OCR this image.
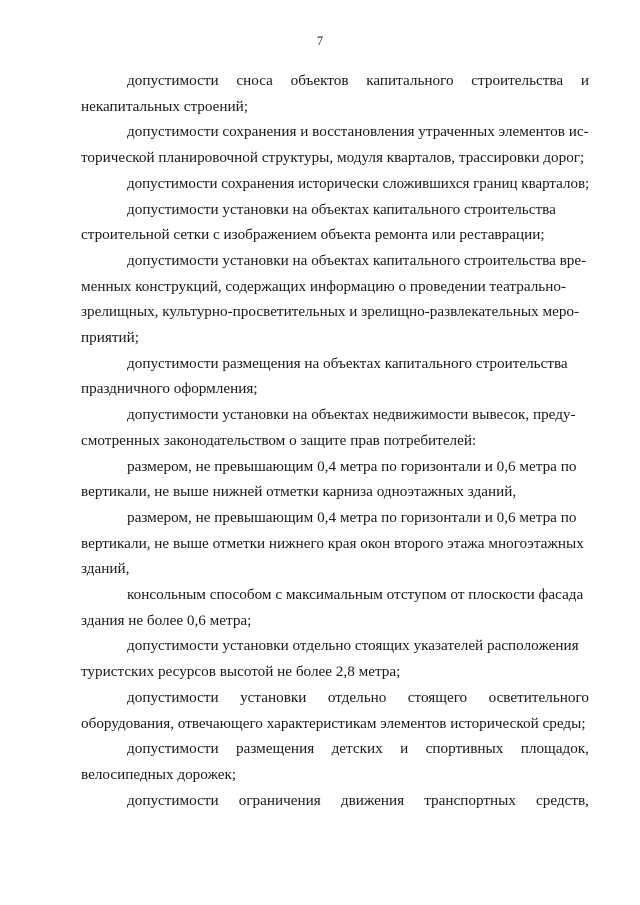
7
допустимости сноса объектов капитального строительства и
некапитальных строений;
допустимости сохранения и восстановления утраченных элементов ис-
торической планировочной структуры, модуля кварталов, трассировки дорог;
допустимости сохранения исторически сложившихся границ кварталов;
допустимости установки на объектах капитального строительства
строительной сетки с изображением объекта ремонта или реставрации;
допустимости установки на объектах капитального строительства вре-
менных конструкций, содержащих информацию о проведении театрально-
зрелищных, культурно-просветительных и зрелищно-развлекательных меро-
приятий;
допустимости размещения на объектах капитального строительства
праздничного оформления;
допустимости установки на объектах недвижимости вывесок, преду-
смотренных законодательством о защите прав потребителей:
размером, не превышающим 0,4 метра по горизонтали и 0,6 метра по
вертикали, не выше нижней отметки карниза одноэтажных зданий,
размером, не превышающим 0,4 метра по горизонтали и 0,6 метра по
вертикали, не выше отметки нижнего края окон второго этажа многоэтажных
зданий,
консольным способом с максимальным отступом от плоскости фасада
здания не более 0,6 метра;
допустимости установки отдельно стоящих указателей расположения
туристских ресурсов высотой не более 2,8 метра;
допустимости установки отдельно стоящего осветительного
оборудования, отвечающего характеристикам элементов исторической среды;
допустимости размещения детских и спортивных площадок,
велосипедных дорожек;
допустимости ограничения движения транспортных средств,
